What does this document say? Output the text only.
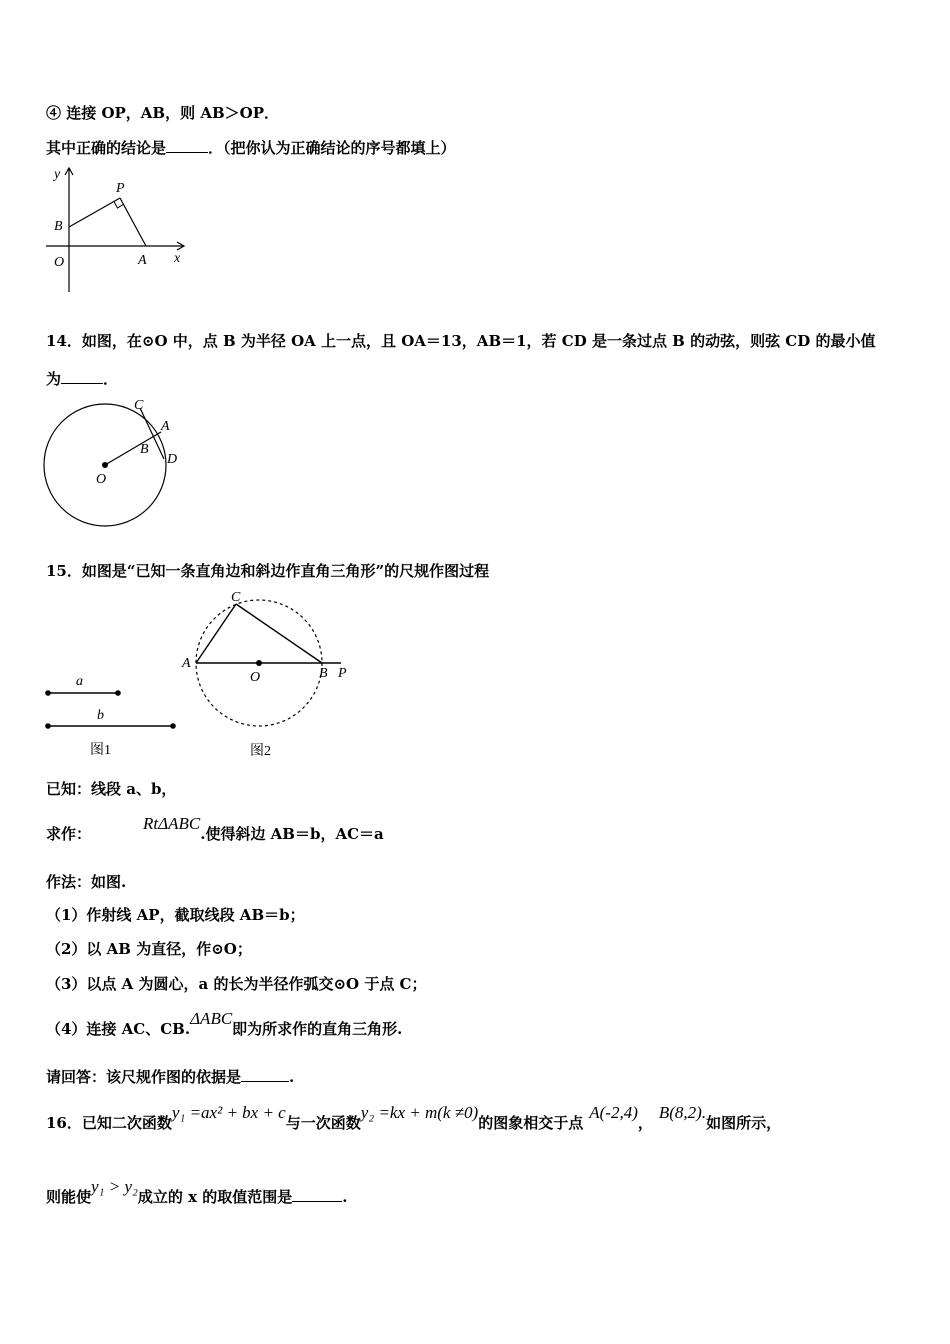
④ 连接 OP，AB，则 AB＞OP．
其中正确的结论是	．（把你认为正确结论的序号都填上）
y
x
P
B
O	A
14．如图，在⊙O 中，点 B 为半径 OA 上一点，且 OA＝13，AB＝1，若 CD 是一条过点 B 的动弦，则弦 CD 的最小值
为	．
C
A
B
D
O
15．如图是“已知一条直角边和斜边作直角三角形”的尺规作图过程
a
b
图1
C
A
O	B P
图2
已知：线段 a、b，
求作：RtΔABC.使得斜边 AB＝b，AC＝a
作法：如图.
（1）作射线 AP，截取线段 AB＝b；
（2）以 AB 为直径，作⊙O；
（3）以点 A 为圆心，a 的长为半径作弧交⊙O 于点 C；
（4）连接 AC、CB.ΔABC即为所求作的直角三角形.
请回答：该尺规作图的依据是	.
16．已知二次函数y₁ =ax² + bx + c与一次函数y₂ =kx + m(k ≠0)的图象相交于点A(-2,4)，B(8,2).如图所示，
则能使y₁ > y₂成立的 x 的取值范围是	.
